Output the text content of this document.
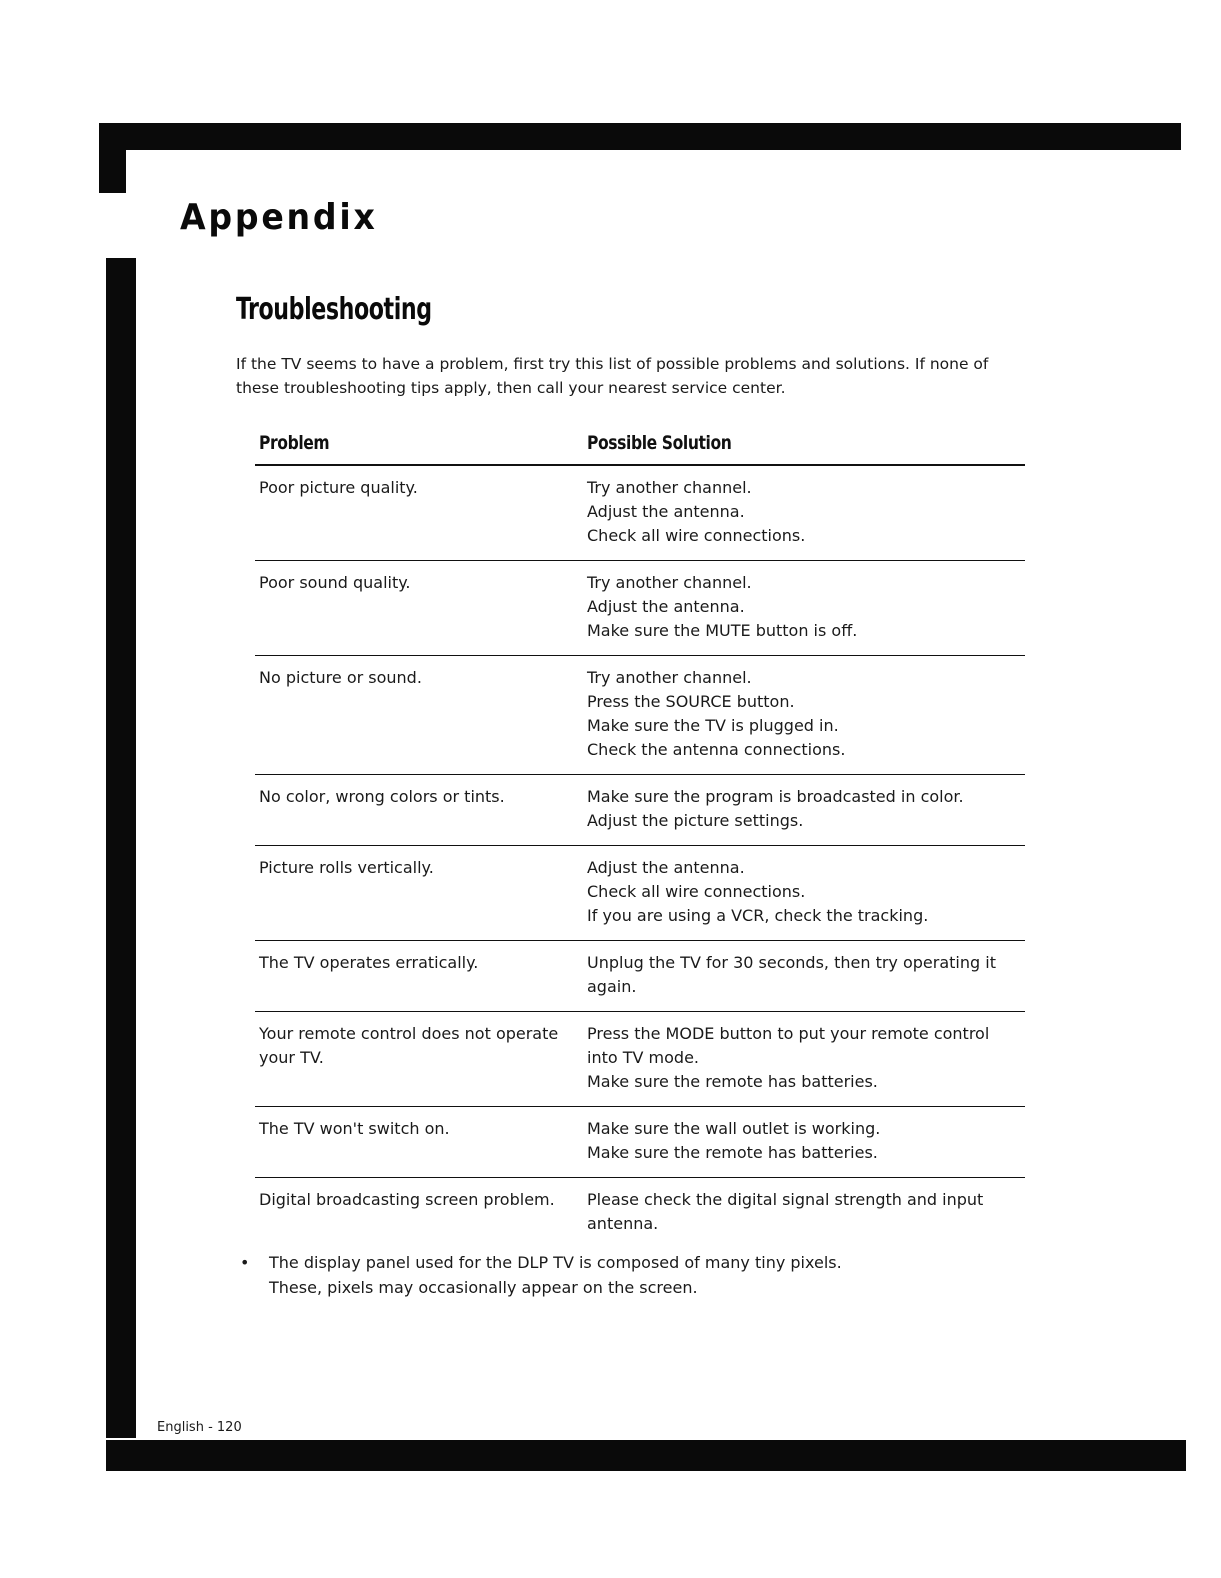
Appendix
Troubleshooting

If the TV seems to have a problem, first try this list of possible problems and solutions. If none of these troubleshooting tips apply, then call your nearest service center.

Problem	Possible Solution
Poor picture quality.	Try another channel.
Adjust the antenna.
Check all wire connections.

Poor sound quality.	Try another channel.
Adjust the antenna.
Make sure the MUTE button is off.

No picture or sound.	Try another channel.
Press the SOURCE button.
Make sure the TV is plugged in.
Check the antenna connections.

No color, wrong colors or tints.	Make sure the program is broadcasted in color.
Adjust the picture settings.

Picture rolls vertically.	Adjust the antenna.
Check all wire connections.
If you are using a VCR, check the tracking.

The TV operates erratically.	Unplug the TV for 30 seconds, then try operating it again.

Your remote control does not operate your TV.	Press the MODE button to put your remote control into TV mode.
Make sure the remote has batteries.

The TV won't switch on.	Make sure the wall outlet is working.
Make sure the remote has batteries.

Digital broadcasting screen problem.	Please check the digital signal strength and input antenna.
•	The display panel used for the DLP TV is composed of many tiny pixels.
These, pixels may occasionally appear on the screen.

English - 120
